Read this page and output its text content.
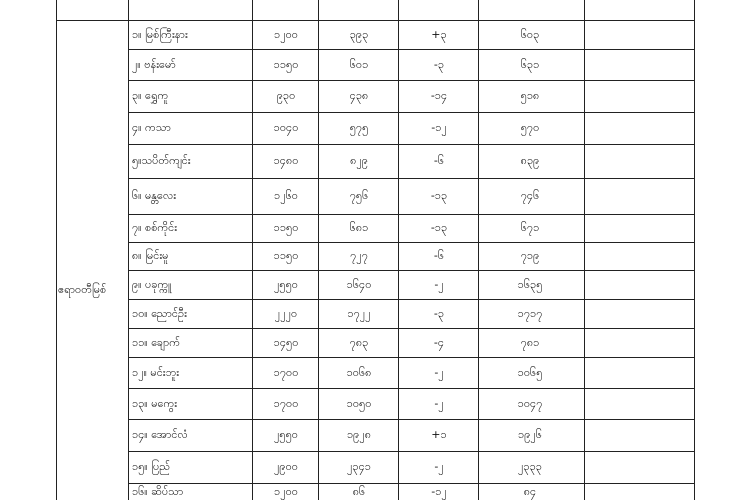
၁။ မြစ်ကြီးနား	၁၂၀၀	၃၉၃	+၃	၆၀၃
၂။ ဗန်းမော်	၁၁၅၀	၆၀၁	-၃	၆၃၁
၃။ ရွှေကူ	၉၃၀	၄၃၈	-၁၄	၅၁၈
၄။ ကသာ	၁၀၄၀	၅၇၅	-၁၂	၅၇၀
၅။သပိတ်ကျင်း	၁၄၈၀	၈၂၉	-၆	၈၃၉
၆။ မန္တလေး	၁၂၆၀	၇၅၆	-၁၃	၇၄၆
၇။ စစ်ကိုင်း	၁၁၅၀	၆၈၁	-၁၃	၆၇၁
၈။ မြင်းမူ	၁၁၅၀	၇၂၇	-၆	၇၁၉
၉။ ပခုက္ကူ	၂၅၅၀	၁၆၄၀	-၂	၁၆၃၅
၁၀။ ညောင်ဦး	၂၂၂၀	၁၇၂၂	-၃	၁၇၁၇
၁၁။ ချောက်	၁၄၅၀	၇၈၃	-၄	၇၈၁
၁၂။ မင်းဘူး	၁၇၀၀	၁၀၆၈	-၂	၁၀၆၅
၁၃။ မကွေး	၁၇၀၀	၁၀၅၀	-၂	၁၀၄၇
၁၄။ အောင်လံ	၂၅၅၀	၁၉၂၈	+၁	၁၉၂၆
၁၅။ ပြည်	၂၉၀၀	၂၃၄၁	-၂	၂၃၃၃
၁၆။ ဆိပ်သာ	၁၂၀၀	၈၆	-၁၂	၈၄
ဧရာဝတီမြစ်
